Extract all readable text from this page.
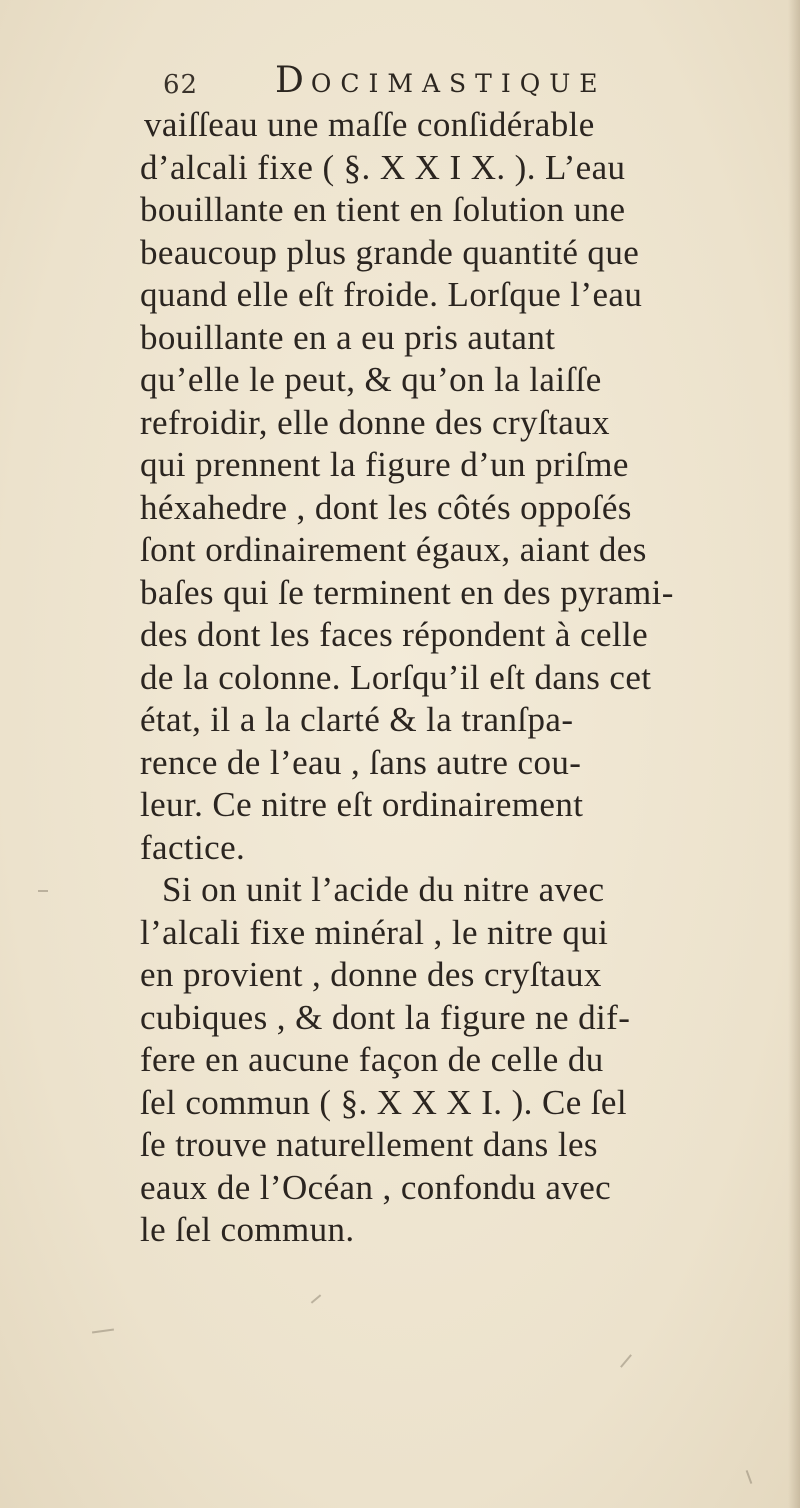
62 DOCIMASTIQUE
vaiſſeau une maſſe conſidérable
d’alcali fixe ( §. X X I X. ). L’eau
bouillante en tient en ſolution une
beaucoup plus grande quantité que
quand elle eſt froide. Lorſque l’eau
bouillante en a eu pris autant
qu’elle le peut, & qu’on la laiſſe
refroidir, elle donne des cryſtaux
qui prennent la figure d’un priſme
héxahedre , dont les côtés oppoſés
ſont ordinairement égaux, aiant des
baſes qui ſe terminent en des pyrami-
des dont les faces répondent à celle
de la colonne. Lorſqu’il eſt dans cet
état, il a la clarté & la tranſpa-
rence de l’eau , ſans autre cou-
leur. Ce nitre eſt ordinairement
factice.
Si on unit l’acide du nitre avec
l’alcali fixe minéral , le nitre qui
en provient , donne des cryſtaux
cubiques , & dont la figure ne dif-
fere en aucune façon de celle du
ſel commun ( §. X X X I. ). Ce ſel
ſe trouve naturellement dans les
eaux de l’Océan , confondu avec
le ſel commun.
